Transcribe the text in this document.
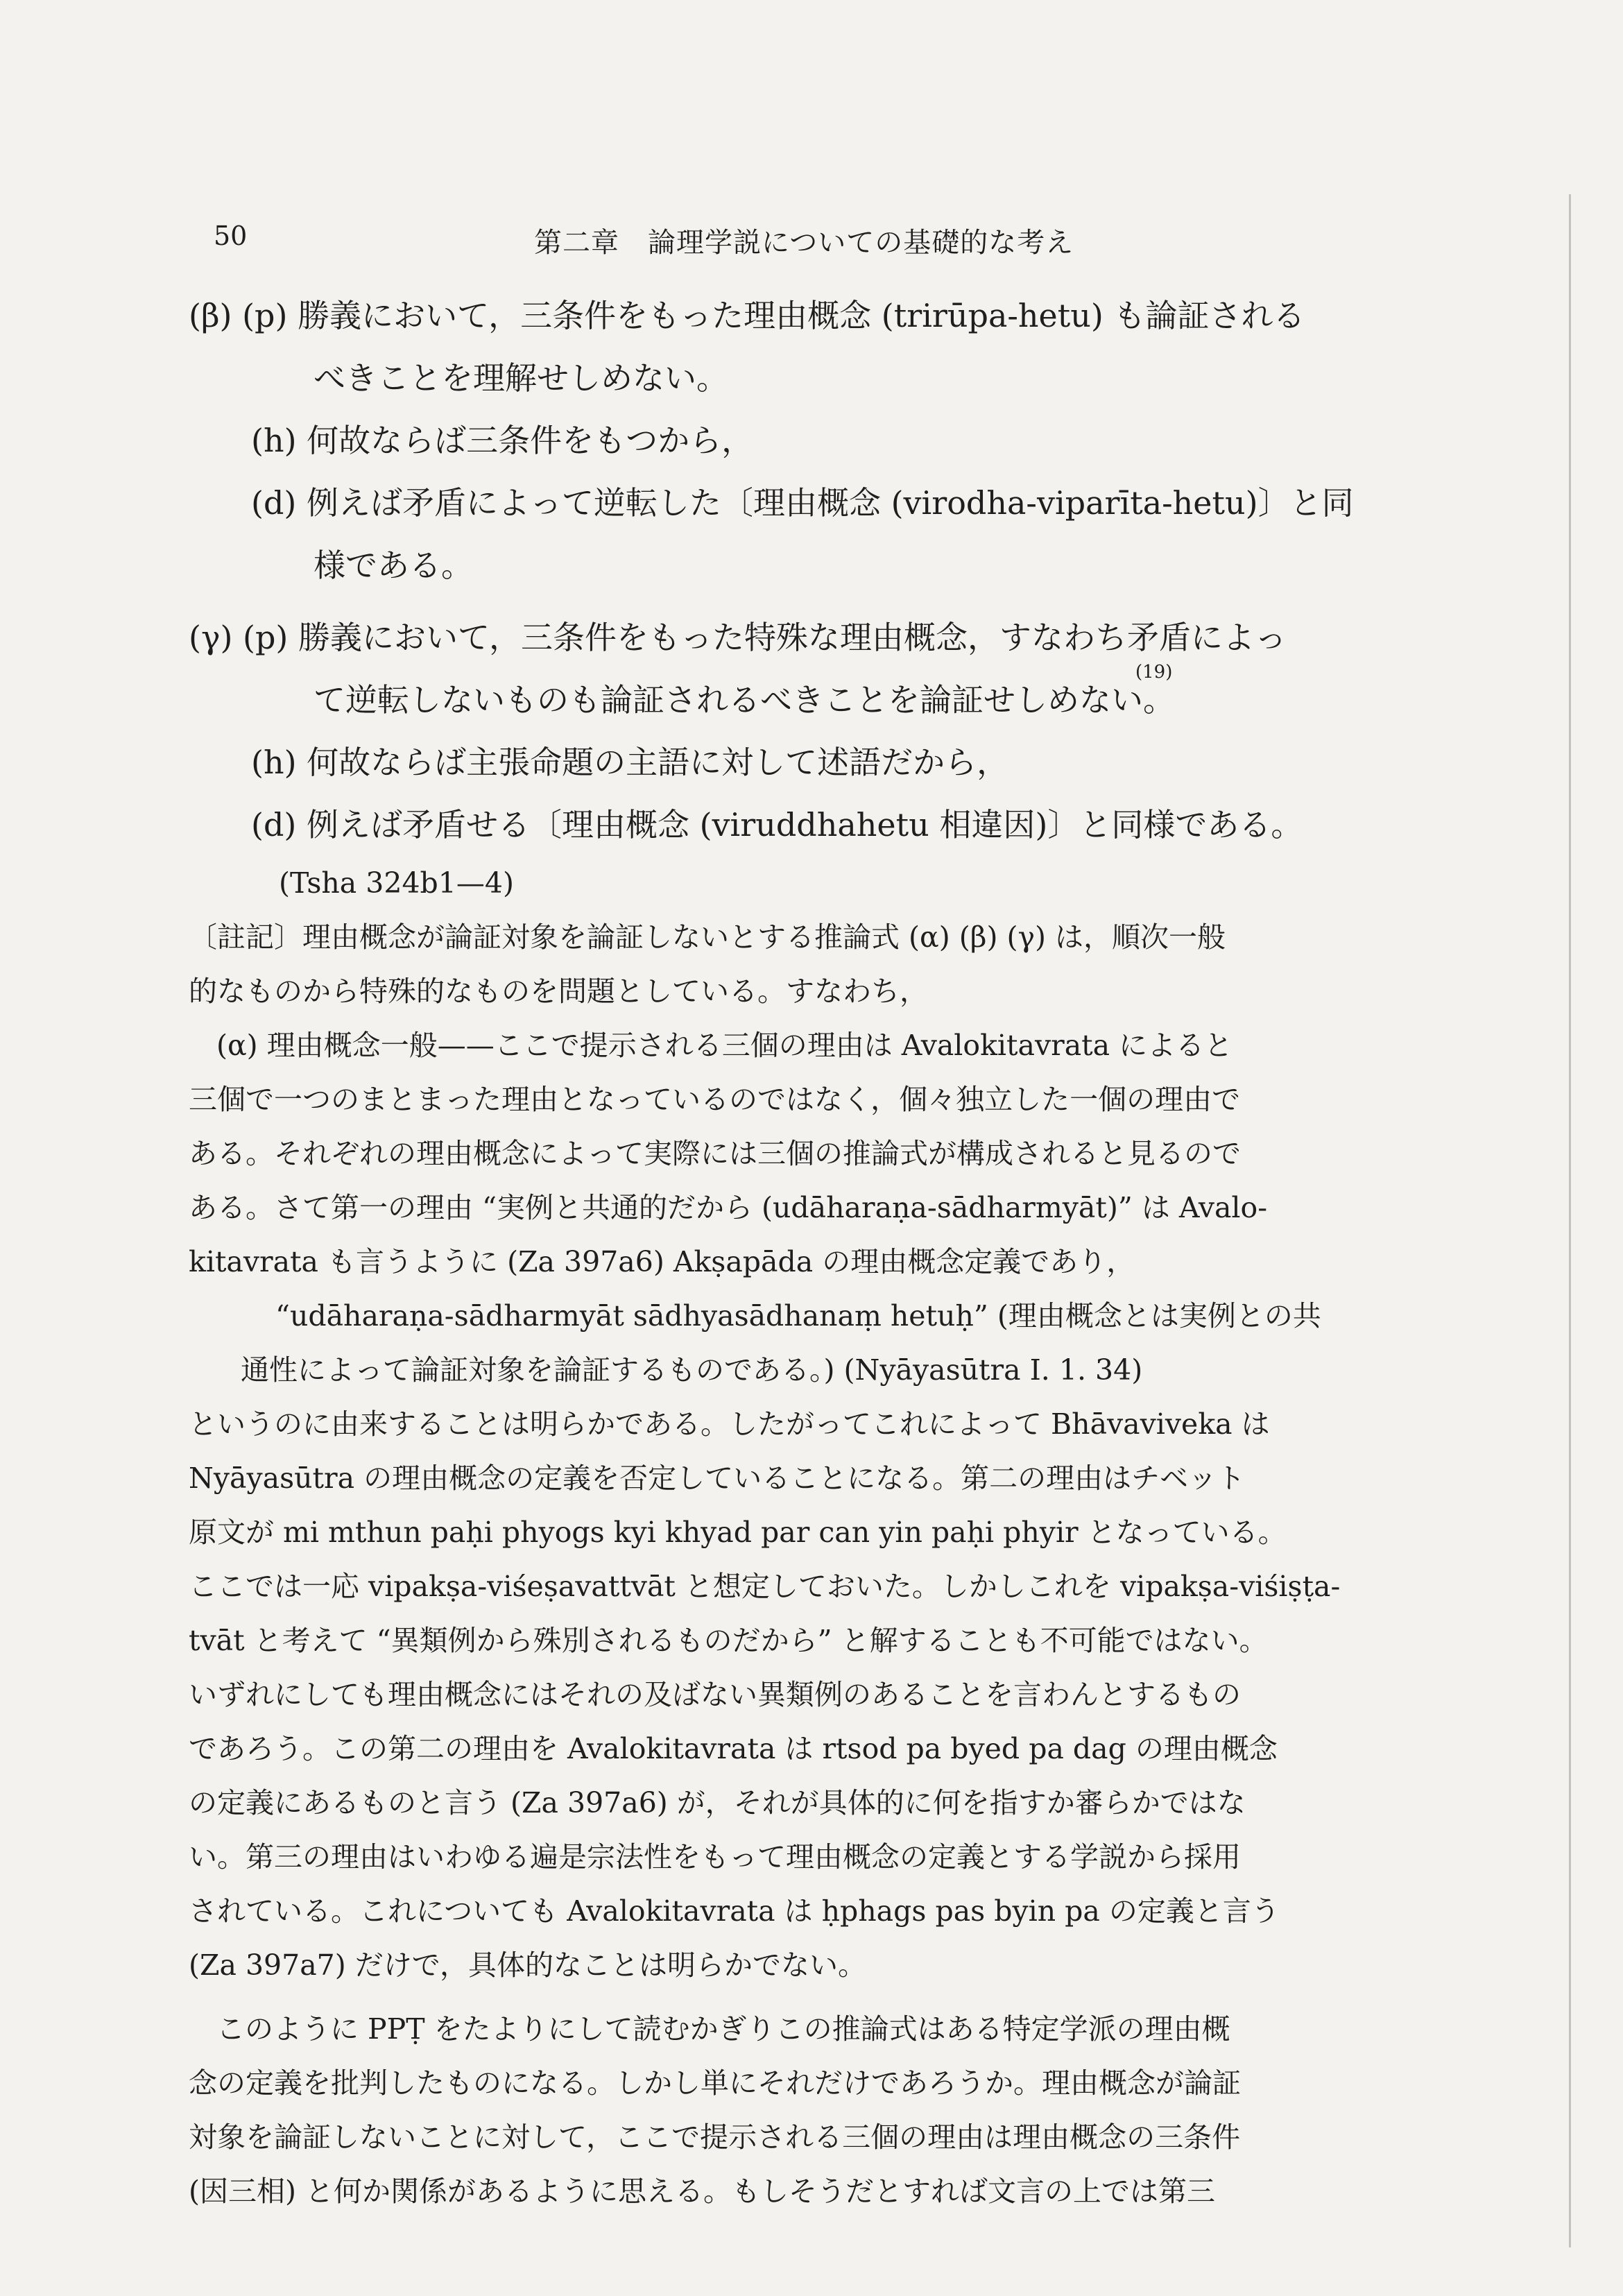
50	第二章　論理学説についての基礎的な考え
(β) (p) 勝義において，三条件をもった理由概念 (trirūpa-hetu) も論証される
べきことを理解せしめない。
(h) 何故ならば三条件をもつから，
(d) 例えば矛盾によって逆転した〔理由概念 (virodha-viparīta-hetu)〕と同
様である。
(γ) (p) 勝義において，三条件をもった特殊な理由概念，すなわち矛盾によっ
て逆転しないものも論証されるべきことを論証せしめない。
(19)
(h) 何故ならば主張命題の主語に対して述語だから，
(d) 例えば矛盾せる〔理由概念 (viruddhahetu 相違因)〕と同様である。
(Tsha 324b1—4)
〔註記〕理由概念が論証対象を論証しないとする推論式 (α) (β) (γ) は，順次一般
的なものから特殊的なものを問題としている。すなわち，
(α) 理由概念一般——ここで提示される三個の理由は Avalokitavrata によると
三個で一つのまとまった理由となっているのではなく，個々独立した一個の理由で
ある。それぞれの理由概念によって実際には三個の推論式が構成されると見るので
ある。さて第一の理由 “実例と共通的だから (udāharaṇa-sādharmyāt)” は Avalo-
kitavrata も言うように (Za 397a6) Akṣapāda の理由概念定義であり，
“udāharaṇa-sādharmyāt sādhyasādhanaṃ hetuḥ” (理由概念とは実例との共
通性によって論証対象を論証するものである。) (Nyāyasūtra I. 1. 34)
というのに由来することは明らかである。したがってこれによって Bhāvaviveka は
Nyāyasūtra の理由概念の定義を否定していることになる。第二の理由はチベット
原文が mi mthun paḥi phyogs kyi khyad par can yin paḥi phyir となっている。
ここでは一応 vipakṣa-viśeṣavattvāt と想定しておいた。しかしこれを vipakṣa-viśiṣṭa-
tvāt と考えて “異類例から殊別されるものだから” と解することも不可能ではない。
いずれにしても理由概念にはそれの及ばない異類例のあることを言わんとするもの
であろう。この第二の理由を Avalokitavrata は rtsod pa byed pa dag の理由概念
の定義にあるものと言う (Za 397a6) が，それが具体的に何を指すか審らかではな
い。第三の理由はいわゆる遍是宗法性をもって理由概念の定義とする学説から採用
されている。これについても Avalokitavrata は ḥphags pas byin pa の定義と言う
(Za 397a7) だけで，具体的なことは明らかでない。
このように PPṬ をたよりにして読むかぎりこの推論式はある特定学派の理由概
念の定義を批判したものになる。しかし単にそれだけであろうか。理由概念が論証
対象を論証しないことに対して，ここで提示される三個の理由は理由概念の三条件
(因三相) と何か関係があるように思える。もしそうだとすれば文言の上では第三
